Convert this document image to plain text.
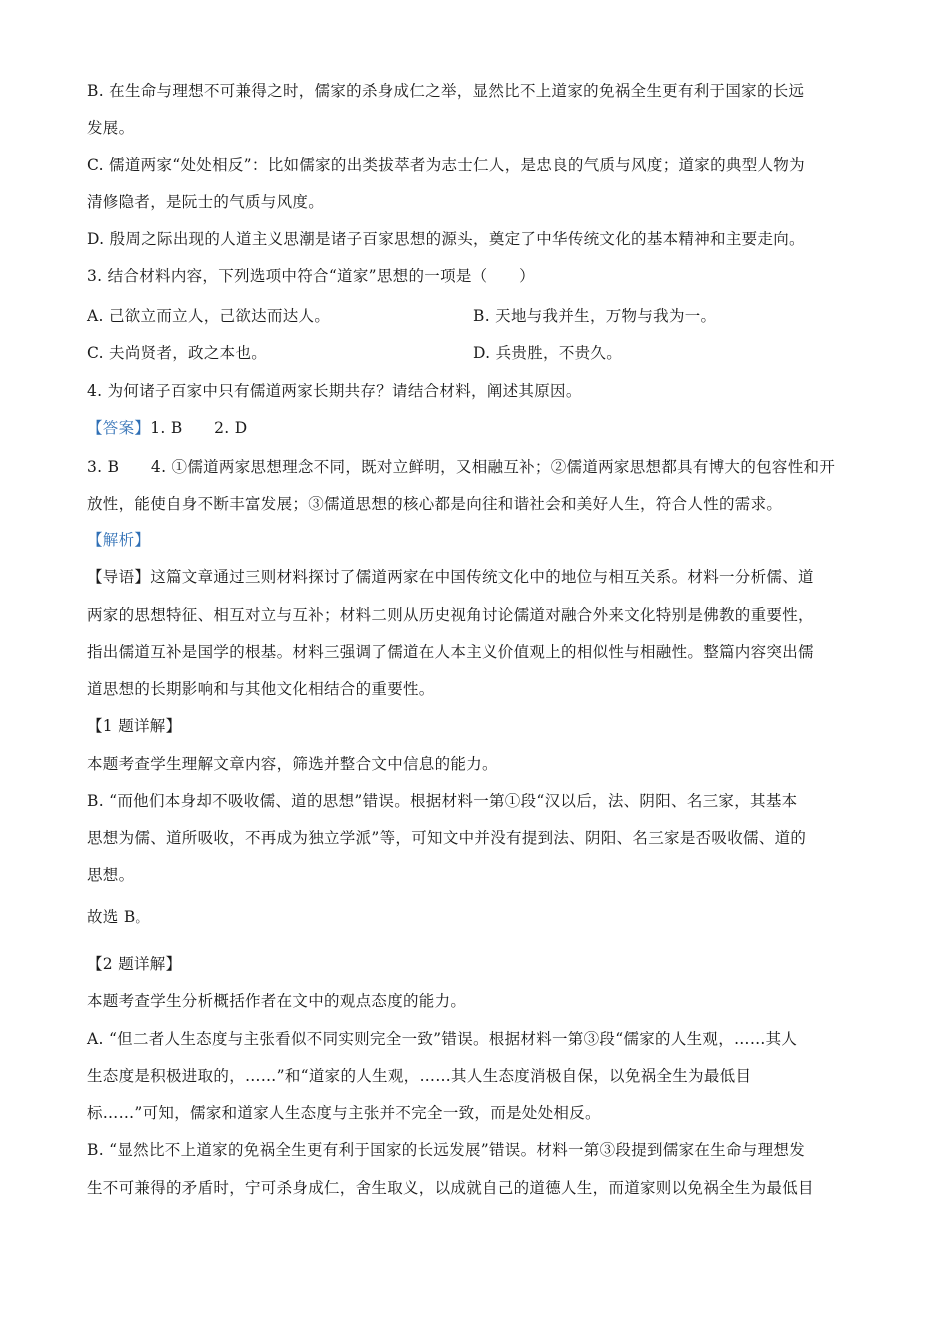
B. 在生命与理想不可兼得之时，儒家的杀身成仁之举，显然比不上道家的免祸全生更有利于国家的长远
发展。
C. 儒道两家“处处相反”：比如儒家的出类拔萃者为志士仁人，是忠良的气质与风度；道家的典型人物为
清修隐者，是阮士的气质与风度。
D. 殷周之际出现的人道主义思潮是诸子百家思想的源头，奠定了中华传统文化的基本精神和主要走向。
3. 结合材料内容，下列选项中符合“道家”思想的一项是（　　）
A. 己欲立而立人，己欲达而达人。	B. 天地与我并生，万物与我为一。
C. 夫尚贤者，政之本也。	D. 兵贵胜，不贵久。
4. 为何诸子百家中只有儒道两家长期共存？请结合材料，阐述其原因。
【答案】1. B　　2. D
3. B　　4. ①儒道两家思想理念不同，既对立鲜明，又相融互补；②儒道两家思想都具有博大的包容性和开
放性，能使自身不断丰富发展；③儒道思想的核心都是向往和谐社会和美好人生，符合人性的需求。
【解析】
【导语】这篇文章通过三则材料探讨了儒道两家在中国传统文化中的地位与相互关系。材料一分析儒、道
两家的思想特征、相互对立与互补；材料二则从历史视角讨论儒道对融合外来文化特别是佛教的重要性，
指出儒道互补是国学的根基。材料三强调了儒道在人本主义价值观上的相似性与相融性。整篇内容突出儒
道思想的长期影响和与其他文化相结合的重要性。
【1 题详解】
本题考查学生理解文章内容，筛选并整合文中信息的能力。
B. “而他们本身却不吸收儒、道的思想”错误。根据材料一第①段“汉以后，法、阴阳、名三家，其基本
思想为儒、道所吸收，不再成为独立学派”等，可知文中并没有提到法、阴阳、名三家是否吸收儒、道的
思想。
故选 B。
【2 题详解】
本题考查学生分析概括作者在文中的观点态度的能力。
A. “但二者人生态度与主张看似不同实则完全一致”错误。根据材料一第③段“儒家的人生观，……其人
生态度是积极进取的，……”和“道家的人生观，……其人生态度消极自保，以免祸全生为最低目
标……”可知，儒家和道家人生态度与主张并不完全一致，而是处处相反。
B. “显然比不上道家的免祸全生更有利于国家的长远发展”错误。材料一第③段提到儒家在生命与理想发
生不可兼得的矛盾时，宁可杀身成仁，舍生取义，以成就自己的道德人生，而道家则以免祸全生为最低目
